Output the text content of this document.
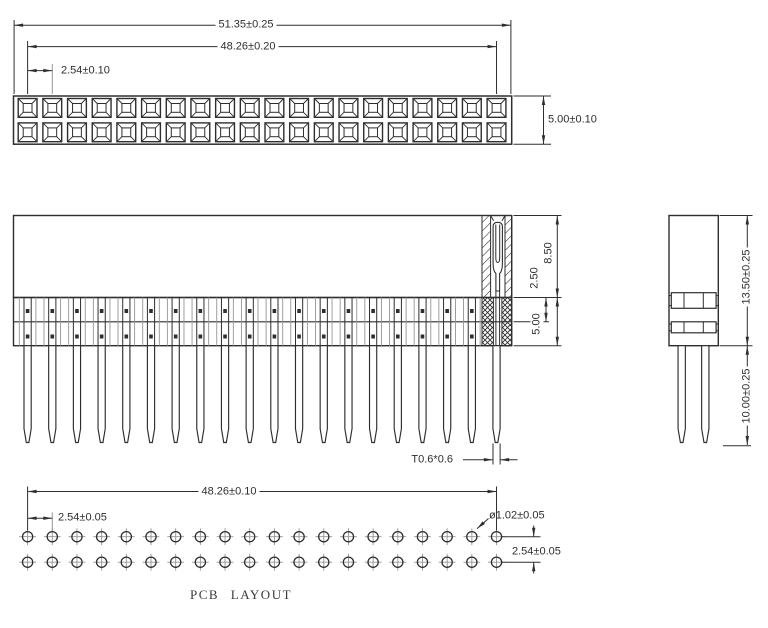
51.35±0.25
48.26±0.20
2.54±0.10
5.00±0.10
8.50
2.50
5.00
T0.6*0.6
13.50±0.25
10.00±0.25
48.26±0.10
2.54±0.05	ø1.02±0.05
2.54±0.05
PCB LAYOUT
